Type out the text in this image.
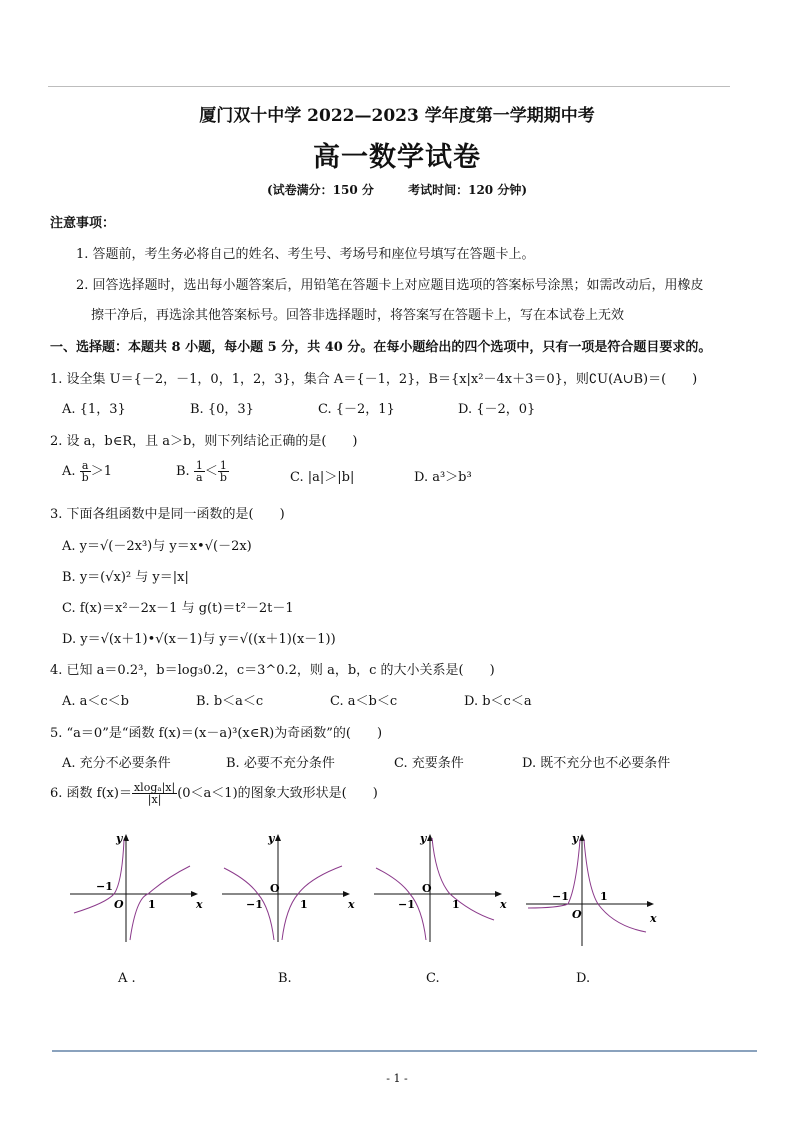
厦门双十中学 2022—2023 学年度第一学期期中考
高一数学试卷
(试卷满分：150 分	考试时间：120 分钟)
注意事项：
1. 答题前，考生务必将自己的姓名、考生号、考场号和座位号填写在答题卡上。
2. 回答选择题时，选出每小题答案后，用铅笔在答题卡上对应题目选项的答案标号涂黑；如需改动后，用橡皮
擦干净后，再选涂其他答案标号。回答非选择题时，将答案写在答题卡上，写在本试卷上无效
一、选择题：本题共 8 小题，每小题 5 分，共 40 分。在每小题给出的四个选项中，只有一项是符合题目要求的。
1. 设全集 U＝{－2，－1，0，1，2，3}，集合 A＝{－1，2}，B＝{x|x²－4x＋3＝0}，则∁U(A∪B)＝(　　)
A. {1，3}	B. {0，3}	C. {－2，1}	D. {－2，0}
2. 设 a，b∈R，且 a＞b，则下列结论正确的是(　　)
A. $\frac{a}{b} >1$	B. $\frac{1}{a} < \frac{1}{b}$	C. |a|＞|b|	D. a³＞b³
3. 下面各组函数中是同一函数的是(　　)
A. y＝√(－2x³)与 y＝x•√(－2x)
B. y＝(√x)² 与 y＝|x|
C. f(x)＝x²－2x－1 与 g(t)＝t²－2t－1
D. y＝√(x＋1)•√(x－1)与 y＝√((x＋1)(x－1))
4. 已知 a＝0.2³，b＝log₃0.2，c＝3^0.2，则 a，b，c 的大小关系是(　　)
A. a＜c＜b	B. b＜a＜c	C. a＜b＜c	D. b＜c＜a
5. “a＝0”是“函数 f(x)＝(x－a)³(x∈R)为奇函数”的(　　)
A. 充分不必要条件	B. 必要不充分条件	C. 充要条件	D. 既不充分也不必要条件
6. 函数 $f(x)= \frac{\text{xlogₐ|x|}}{|x|} (0<a<1)$的图象大致形状是(　　)
y
x
O
−1
1
y
x
O
−1	1
y
x
O
−1	1
y
x
O
−1	1
A .	B.	C.	D.
- 1 -
